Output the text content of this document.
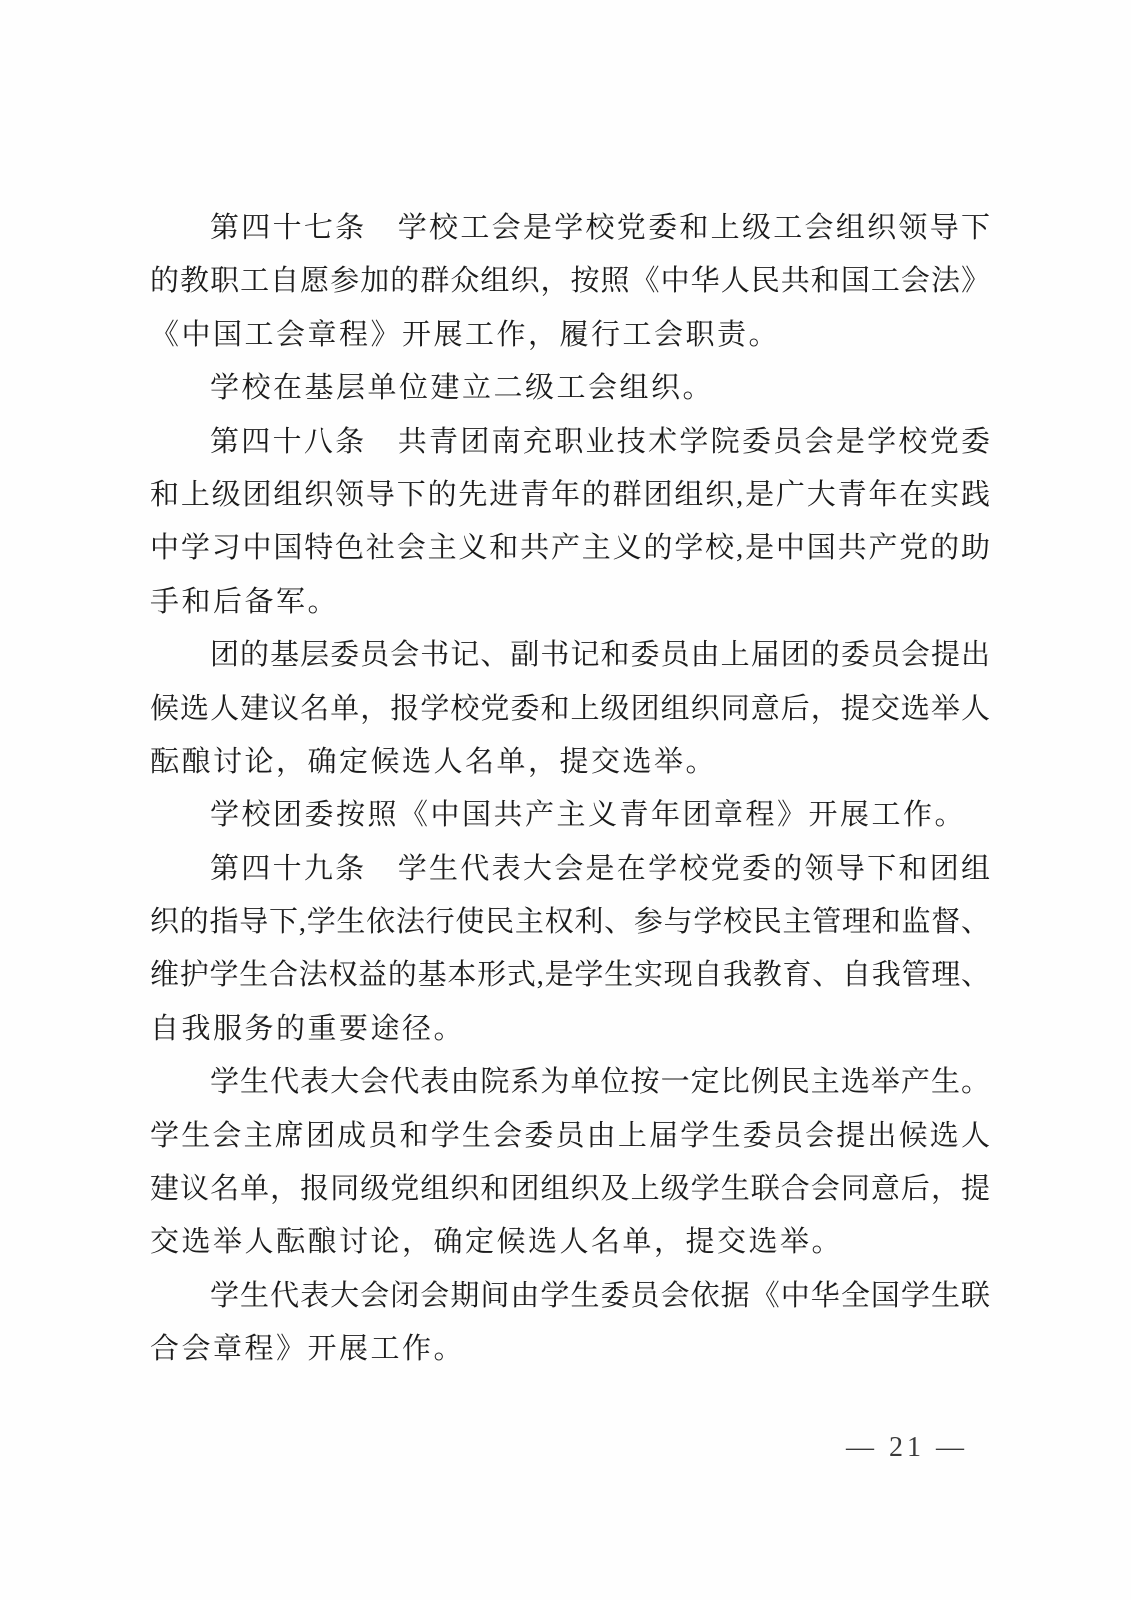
第四十七条　学校工会是学校党委和上级工会组织领导下
的教职工自愿参加的群众组织，按照《中华人民共和国工会法》
《中国工会章程》开展工作，履行工会职责。
学校在基层单位建立二级工会组织。
第四十八条　共青团南充职业技术学院委员会是学校党委
和上级团组织领导下的先进青年的群团组织,是广大青年在实践
中学习中国特色社会主义和共产主义的学校,是中国共产党的助
手和后备军。
团的基层委员会书记、副书记和委员由上届团的委员会提出
候选人建议名单，报学校党委和上级团组织同意后，提交选举人
酝酿讨论，确定候选人名单，提交选举。
学校团委按照《中国共产主义青年团章程》开展工作。
第四十九条　学生代表大会是在学校党委的领导下和团组
织的指导下,学生依法行使民主权利、参与学校民主管理和监督、
维护学生合法权益的基本形式,是学生实现自我教育、自我管理、
自我服务的重要途径。
学生代表大会代表由院系为单位按一定比例民主选举产生。
学生会主席团成员和学生会委员由上届学生委员会提出候选人
建议名单，报同级党组织和团组织及上级学生联合会同意后，提
交选举人酝酿讨论，确定候选人名单，提交选举。
学生代表大会闭会期间由学生委员会依据《中华全国学生联
合会章程》开展工作。
— 21 —
